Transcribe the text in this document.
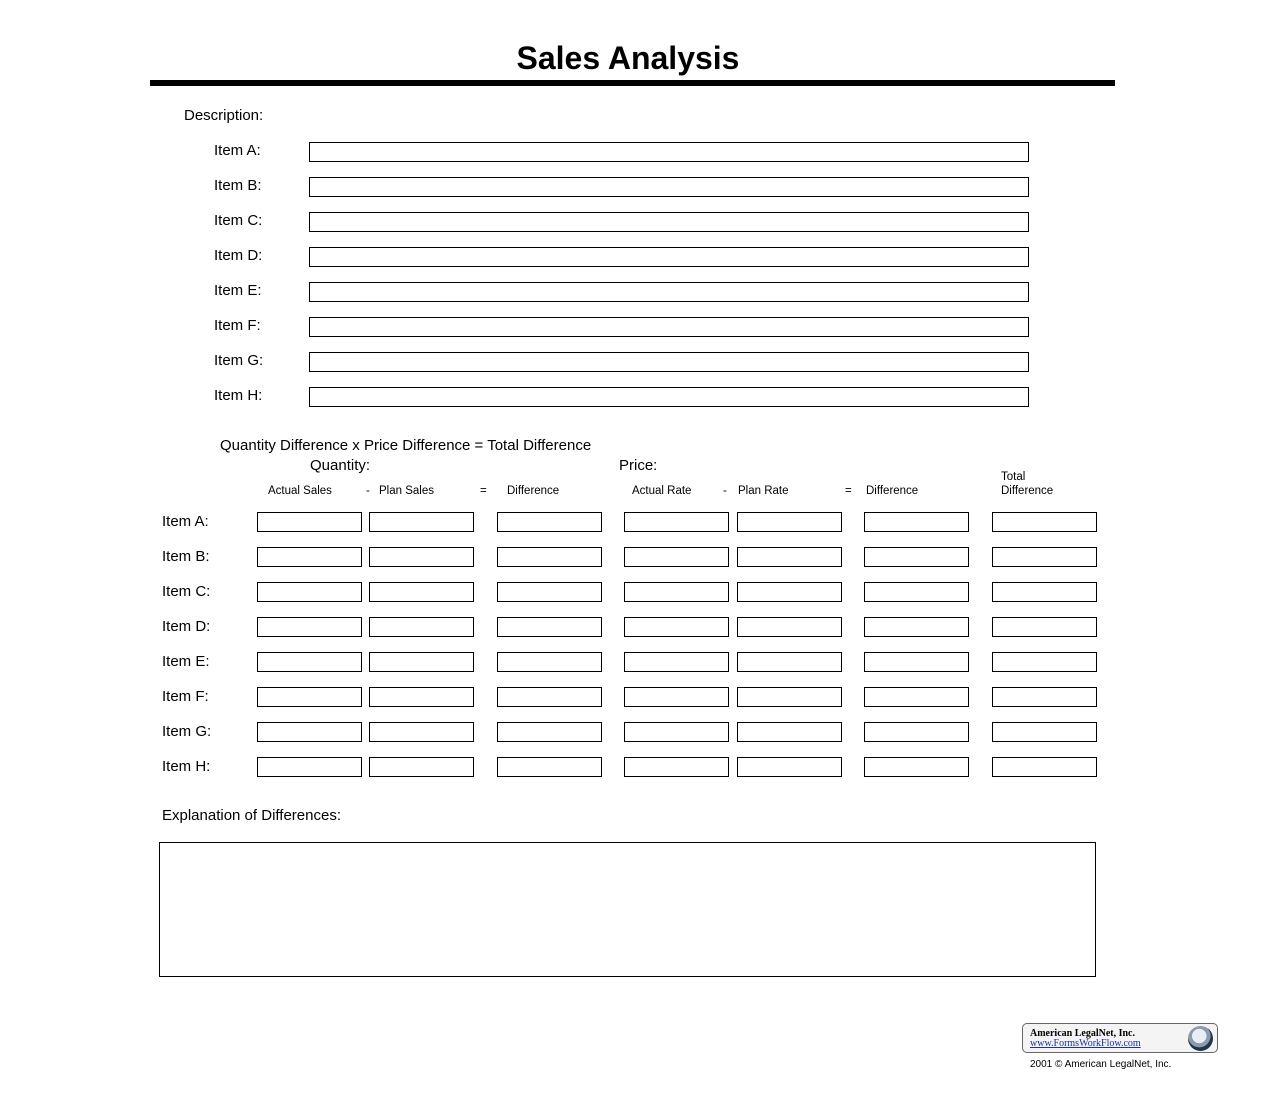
Sales Analysis
Description:
Item A:
Item B:
Item C:
Item D:
Item E:
Item F:
Item G:
Item H:
Quantity Difference x Price Difference = Total Difference
Quantity:	Price:
Actual Sales	- Plan Sales	= Difference	Actual Rate	- Plan Rate	= Difference
Total
Difference
Item A:
Item B:
Item C:
Item D:
Item E:
Item F:
Item G:
Item H:
Explanation of Differences:
American LegalNet, Inc.
www.FormsWorkFlow.com
2001 © American LegalNet, Inc.
